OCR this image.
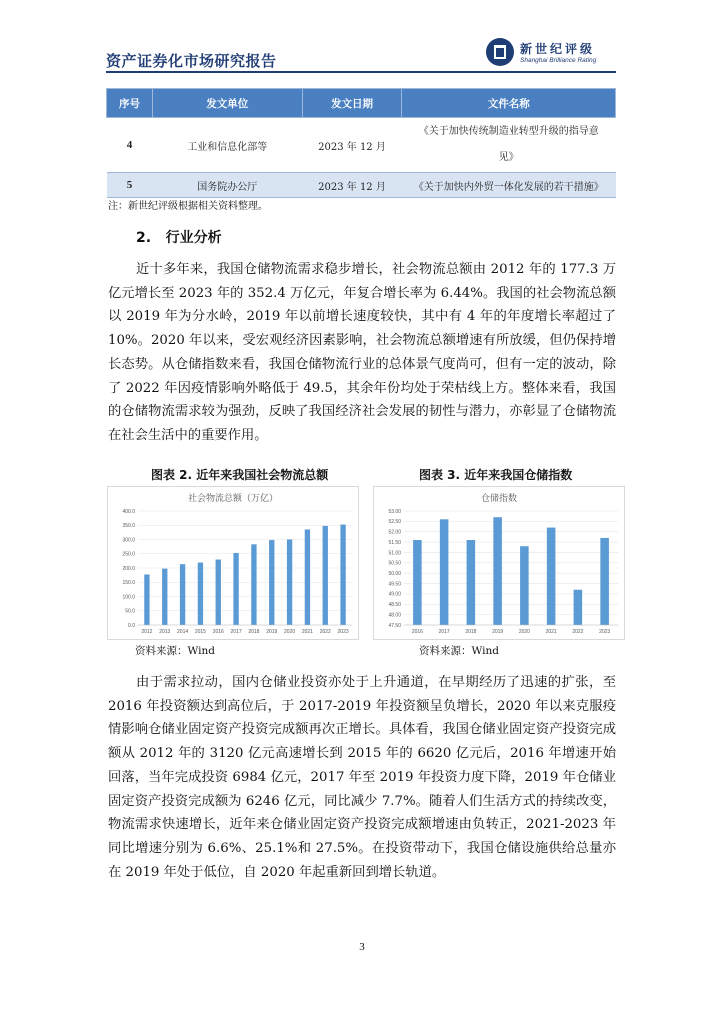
资产证券化市场研究报告
新世纪评级
Shanghai Brilliance Rating
序号	发文单位	发文日期	文件名称
4	工业和信息化部等	2023 年 12 月	《关于加快传统制造业转型升级的指导意
见》
5	国务院办公厅	2023 年 12 月	《关于加快内外贸一体化发展的若干措施》
注：新世纪评级根据相关资料整理。
2.   行业分析

近十多年来，我国仓储物流需求稳步增长，社会物流总额由 2012 年的 177.3 万亿元增长至 2023 年的 352.4 万亿元，年复合增长率为 6.44%。我国的社会物流总额以 2019 年为分水岭，2019 年以前增长速度较快，其中有 4 年的年度增长率超过了 10%。2020 年以来，受宏观经济因素影响，社会物流总额增速有所放缓，但仍保持增长态势。从仓储指数来看，我国仓储物流行业的总体景气度尚可，但有一定的波动，除了 2022 年因疫情影响外略低于 49.5，其余年份均处于荣枯线上方。整体来看，我国的仓储物流需求较为强劲，反映了我国经济社会发展的韧性与潜力，亦彰显了仓储物流在社会生活中的重要作用。

图表 2. 近年来我国社会物流总额	图表 3. 近年来我国仓储指数
社会物流总额（万亿）
0.0
50.0
100.0
150.0
200.0
250.0
300.0
350.0
400.0
2012 2013 2014 2015 2016 2017 2018 2019 2020 2021 2022 2023
仓储指数
47.50
48.00
48.50
49.00
49.50
50.00
50.50
51.00
51.50
52.00
52.50
53.00
2016	2017	2018	2019	2020	2021	2022	2023
资料来源：Wind	资料来源：Wind

由于需求拉动，国内仓储业投资亦处于上升通道，在早期经历了迅速的扩张，至 2016 年投资额达到高位后，于 2017-2019 年投资额呈负增长，2020 年以来克服疫情影响仓储业固定资产投资完成额再次正增长。具体看，我国仓储业固定资产投资完成额从 2012 年的 3120 亿元高速增长到 2015 年的 6620 亿元后，2016 年增速开始回落，当年完成投资 6984 亿元，2017 年至 2019 年投资力度下降，2019 年仓储业固定资产投资完成额为 6246 亿元，同比减少 7.7%。随着人们生活方式的持续改变，物流需求快速增长，近年来仓储业固定资产投资完成额增速由负转正，2021-2023 年同比增速分别为 6.6%、25.1%和 27.5%。在投资带动下，我国仓储设施供给总量亦在 2019 年处于低位，自 2020 年起重新回到增长轨道。

3
